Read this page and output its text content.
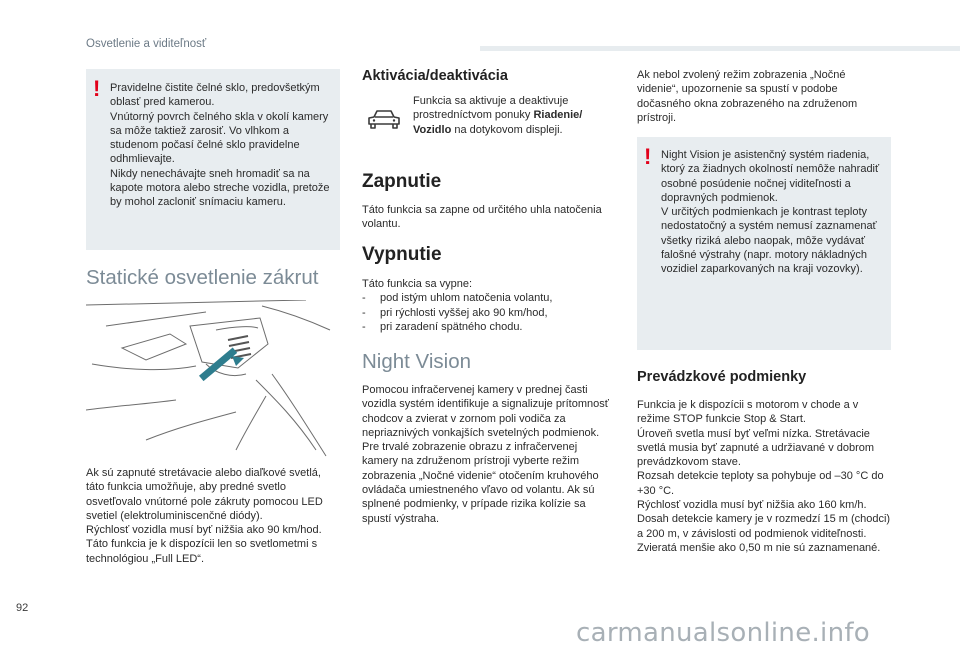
Osvetlenie a viditeľnosť
! Pravidelne čistite čelné sklo, predovšetkým oblasť pred kamerou.
Vnútorný povrch čelného skla v okolí kamery sa môže taktiež zarosiť. Vo vlhkom a studenom počasí čelné sklo pravidelne odhmlievajte.
Nikdy nenechávajte sneh hromadiť sa na kapote motora alebo streche vozidla, pretože by mohol zacloniť snímaciu kameru.
Statické osvetlenie zákrut
Ak sú zapnuté stretávacie alebo diaľkové svetlá, táto funkcia umožňuje, aby predné svetlo osvetľovalo vnútorné pole zákruty pomocou LED svetiel (elektroluminiscenčné diódy).
Rýchlosť vozidla musí byť nižšia ako 90 km/hod.
Táto funkcia je k dispozícii len so svetlometmi s technológiou „Full LED“.
Aktivácia/deaktivácia
Funkcia sa aktivuje a deaktivuje prostredníctvom ponuky Riadenie/ Vozidlo na dotykovom displeji.
Zapnutie
Táto funkcia sa zapne od určitého uhla natočenia volantu.
Vypnutie
Táto funkcia sa vypne:
- pod istým uhlom natočenia volantu,
- pri rýchlosti vyššej ako 90 km/hod,
- pri zaradení spätného chodu.
Night Vision
Pomocou infračervenej kamery v prednej časti vozidla systém identifikuje a signalizuje prítomnosť chodcov a zvierat v zornom poli vodiča za nepriaznivých vonkajších svetelných podmienok.
Pre trvalé zobrazenie obrazu z infračervenej kamery na združenom prístroji vyberte režim zobrazenia „Nočné videnie“ otočením kruhového ovládača umiestneného vľavo od volantu. Ak sú splnené podmienky, v prípade rizika kolízie sa spustí výstraha.
Ak nebol zvolený režim zobrazenia „Nočné videnie“, upozornenie sa spustí v podobe dočasného okna zobrazeného na združenom prístroji.
! Night Vision je asistenčný systém riadenia, ktorý za žiadnych okolností nemôže nahradiť osobné posúdenie nočnej viditeľnosti a dopravných podmienok.
V určitých podmienkach je kontrast teploty nedostatočný a systém nemusí zaznamenať všetky riziká alebo naopak, môže vydávať falošné výstrahy (napr. motory nákladných vozidiel zaparkovaných na kraji vozovky).
Prevádzkové podmienky
Funkcia je k dispozícii s motorom v chode a v režime STOP funkcie Stop & Start.
Úroveň svetla musí byť veľmi nízka. Stretávacie svetlá musia byť zapnuté a udržiavané v dobrom prevádzkovom stave.
Rozsah detekcie teploty sa pohybuje od –30 °C do +30 °C.
Rýchlosť vozidla musí byť nižšia ako 160 km/h.
Dosah detekcie kamery je v rozmedzí 15 m (chodci) a 200 m, v závislosti od podmienok viditeľnosti.
Zvieratá menšie ako 0,50 m nie sú zaznamenané.
92
carmanualsonline.info
